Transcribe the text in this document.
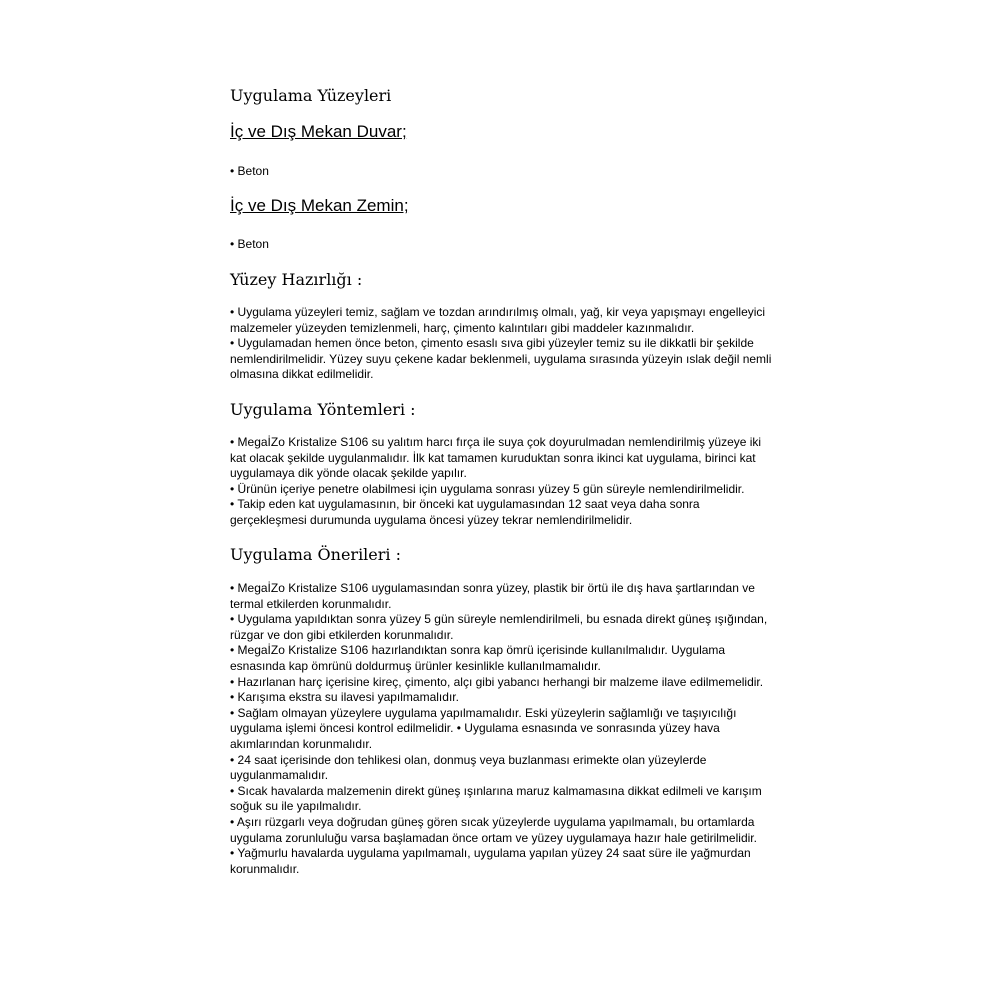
Uygulama Yüzeyleri
İç ve Dış Mekan Duvar;
• Beton
İç ve Dış Mekan Zemin;
• Beton
Yüzey Hazırlığı :
• Uygulama yüzeyleri temiz, sağlam ve tozdan arındırılmış olmalı, yağ, kir veya yapışmayı engelleyici
malzemeler yüzeyden temizlenmeli, harç, çimento kalıntıları gibi maddeler kazınmalıdır.
• Uygulamadan hemen önce beton, çimento esaslı sıva gibi yüzeyler temiz su ile dikkatli bir şekilde
nemlendirilmelidir. Yüzey suyu çekene kadar beklenmeli, uygulama sırasında yüzeyin ıslak değil nemli
olmasına dikkat edilmelidir.
Uygulama Yöntemleri :
• MegaİZo Kristalize S106 su yalıtım harcı fırça ile suya çok doyurulmadan nemlendirilmiş yüzeye iki
kat olacak şekilde uygulanmalıdır. İlk kat tamamen kuruduktan sonra ikinci kat uygulama, birinci kat
uygulamaya dik yönde olacak şekilde yapılır.
• Ürünün içeriye penetre olabilmesi için uygulama sonrası yüzey 5 gün süreyle nemlendirilmelidir.
• Takip eden kat uygulamasının, bir önceki kat uygulamasından 12 saat veya daha sonra
gerçekleşmesi durumunda uygulama öncesi yüzey tekrar nemlendirilmelidir.
Uygulama Önerileri :
• MegaİZo Kristalize S106 uygulamasından sonra yüzey, plastik bir örtü ile dış hava şartlarından ve
termal etkilerden korunmalıdır.
• Uygulama yapıldıktan sonra yüzey 5 gün süreyle nemlendirilmeli, bu esnada direkt güneş ışığından,
rüzgar ve don gibi etkilerden korunmalıdır.
• MegaİZo Kristalize S106 hazırlandıktan sonra kap ömrü içerisinde kullanılmalıdır. Uygulama
esnasında kap ömrünü doldurmuş ürünler kesinlikle kullanılmamalıdır.
• Hazırlanan harç içerisine kireç, çimento, alçı gibi yabancı herhangi bir malzeme ilave edilmemelidir.
• Karışıma ekstra su ilavesi yapılmamalıdır.
• Sağlam olmayan yüzeylere uygulama yapılmamalıdır. Eski yüzeylerin sağlamlığı ve taşıyıcılığı
uygulama işlemi öncesi kontrol edilmelidir. • Uygulama esnasında ve sonrasında yüzey hava
akımlarından korunmalıdır.
• 24 saat içerisinde don tehlikesi olan, donmuş veya buzlanması erimekte olan yüzeylerde
uygulanmamalıdır.
• Sıcak havalarda malzemenin direkt güneş ışınlarına maruz kalmamasına dikkat edilmeli ve karışım
soğuk su ile yapılmalıdır.
• Aşırı rüzgarlı veya doğrudan güneş gören sıcak yüzeylerde uygulama yapılmamalı, bu ortamlarda
uygulama zorunluluğu varsa başlamadan önce ortam ve yüzey uygulamaya hazır hale getirilmelidir.
• Yağmurlu havalarda uygulama yapılmamalı, uygulama yapılan yüzey 24 saat süre ile yağmurdan
korunmalıdır.
